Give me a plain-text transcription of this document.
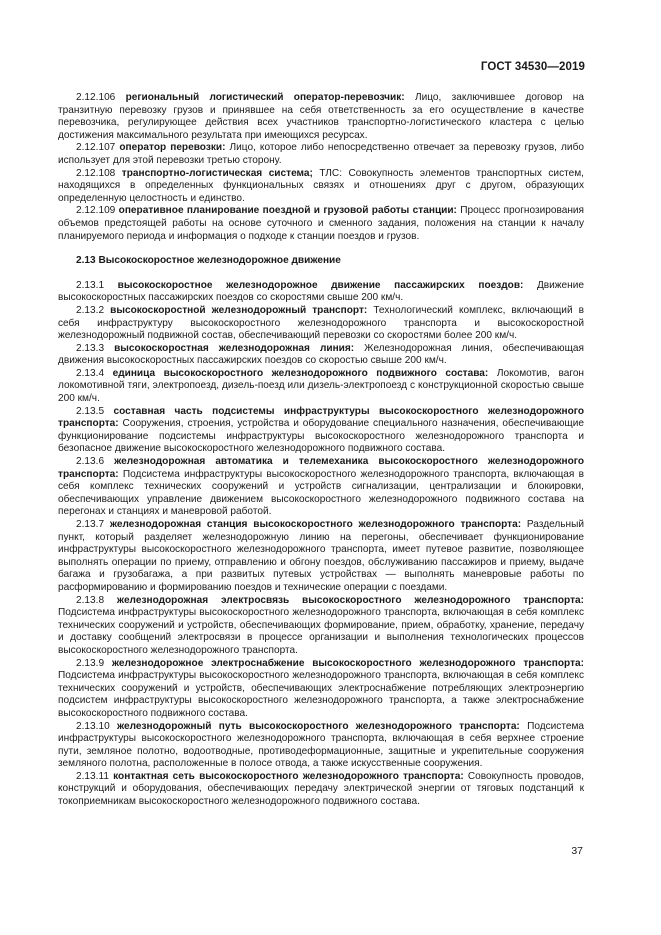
ГОСТ 34530—2019

2.12.106 региональный логистический оператор-перевозчик: Лицо, заключившее договор на транзитную перевозку грузов и принявшее на себя ответственность за его осуществление в качестве перевозчика, регулирующее действия всех участников транспортно-логистического кластера с целью достижения максимального результата при имеющихся ресурсах.

2.12.107 оператор перевозки: Лицо, которое либо непосредственно отвечает за перевозку грузов, либо использует для этой перевозки третью сторону.

2.12.108 транспортно-логистическая система; ТЛС: Совокупность элементов транспортных систем, находящихся в определенных функциональных связях и отношениях друг с другом, образующих определенную целостность и единство.

2.12.109 оперативное планирование поездной и грузовой работы станции: Процесс прогнозирования объемов предстоящей работы на основе суточного и сменного задания, положения на станции к началу планируемого периода и информация о подходе к станции поездов и грузов.

2.13 Высокоскоростное железнодорожное движение

2.13.1 высокоскоростное железнодорожное движение пассажирских поездов: Движение высокоскоростных пассажирских поездов со скоростями свыше 200 км/ч.

2.13.2 высокоскоростной железнодорожный транспорт: Технологический комплекс, включающий в себя инфраструктуру высокоскоростного железнодорожного транспорта и высокоскоростной железнодорожный подвижной состав, обеспечивающий перевозки со скоростями более 200 км/ч.

2.13.3 высокоскоростная железнодорожная линия: Железнодорожная линия, обеспечивающая движения высокоскоростных пассажирских поездов со скоростью свыше 200 км/ч.

2.13.4 единица высокоскоростного железнодорожного подвижного состава: Локомотив, вагон локомотивной тяги, электропоезд, дизель-поезд или дизель-электропоезд с конструкционной скоростью свыше 200 км/ч.

2.13.5 составная часть подсистемы инфраструктуры высокоскоростного железнодорожного транспорта: Сооружения, строения, устройства и оборудование специального назначения, обеспечивающие функционирование подсистемы инфраструктуры высокоскоростного железнодорожного транспорта и безопасное движение высокоскоростного железнодорожного подвижного состава.

2.13.6 железнодорожная автоматика и телемеханика высокоскоростного железнодорожного транспорта: Подсистема инфраструктуры высокоскоростного железнодорожного транспорта, включающая в себя комплекс технических сооружений и устройств сигнализации, централизации и блокировки, обеспечивающих управление движением высокоскоростного железнодорожного подвижного состава на перегонах и станциях и маневровой работой.

2.13.7 железнодорожная станция высокоскоростного железнодорожного транспорта: Раздельный пункт, который разделяет железнодорожную линию на перегоны, обеспечивает функционирование инфраструктуры высокоскоростного железнодорожного транспорта, имеет путевое развитие, позволяющее выполнять операции по приему, отправлению и обгону поездов, обслуживанию пассажиров и приему, выдаче багажа и грузобагажа, а при развитых путевых устройствах — выполнять маневровые работы по расформированию и формированию поездов и технические операции с поездами.

2.13.8 железнодорожная электросвязь высокоскоростного железнодорожного транспорта: Подсистема инфраструктуры высокоскоростного железнодорожного транспорта, включающая в себя комплекс технических сооружений и устройств, обеспечивающих формирование, прием, обработку, хранение, передачу и доставку сообщений электросвязи в процессе организации и выполнения технологических процессов высокоскоростного железнодорожного транспорта.

2.13.9 железнодорожное электроснабжение высокоскоростного железнодорожного транспорта: Подсистема инфраструктуры высокоскоростного железнодорожного транспорта, включающая в себя комплекс технических сооружений и устройств, обеспечивающих электроснабжение потребляющих электроэнергию подсистем инфраструктуры высокоскоростного железнодорожного транспорта, а также электроснабжение высокоскоростного подвижного состава.

2.13.10 железнодорожный путь высокоскоростного железнодорожного транспорта: Подсистема инфраструктуры высокоскоростного железнодорожного транспорта, включающая в себя верхнее строение пути, земляное полотно, водоотводные, противодеформационные, защитные и укрепительные сооружения земляного полотна, расположенные в полосе отвода, а также искусственные сооружения.

2.13.11 контактная сеть высокоскоростного железнодорожного транспорта: Совокупность проводов, конструкций и оборудования, обеспечивающих передачу электрической энергии от тяговых подстанций к токоприемникам высокоскоростного железнодорожного подвижного состава.

37
